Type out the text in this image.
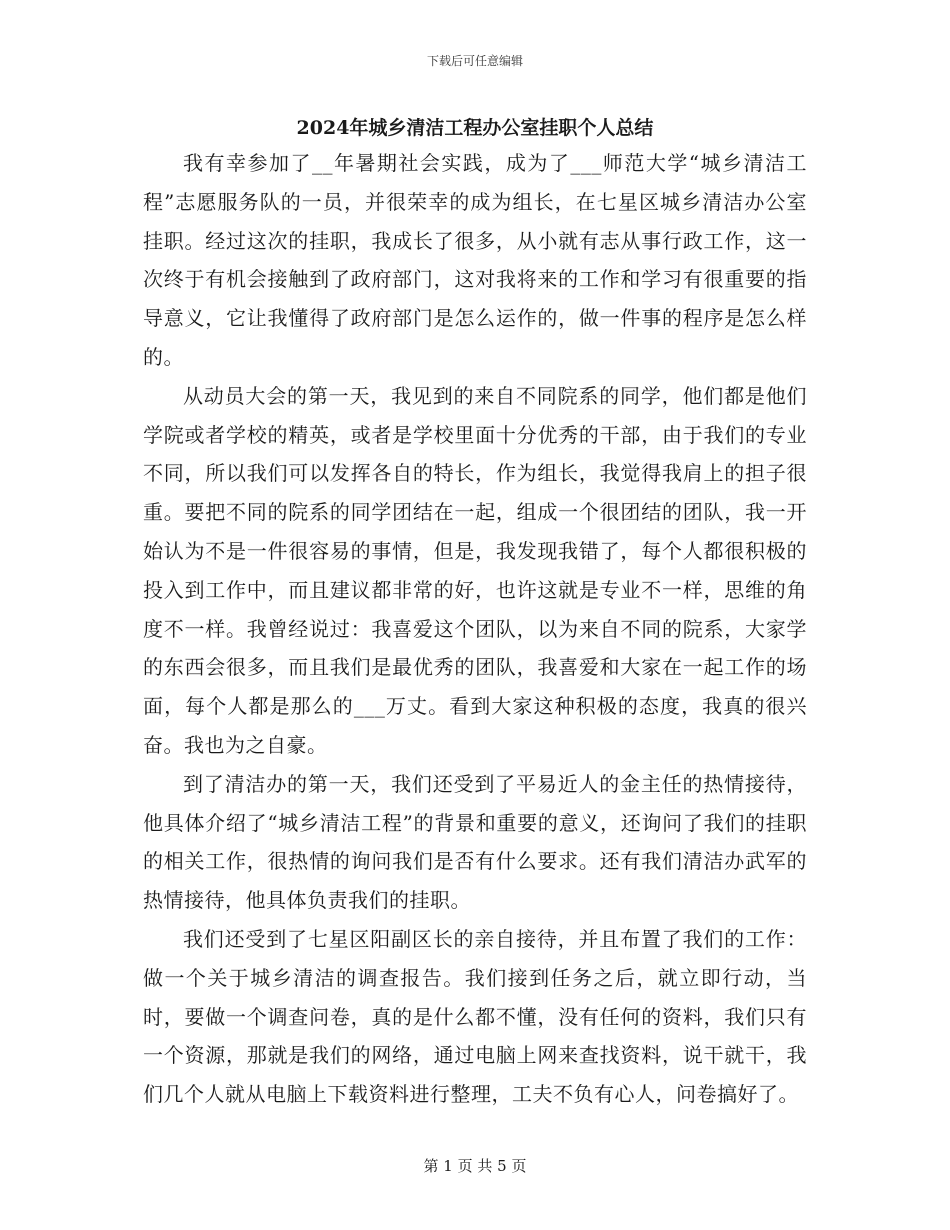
下载后可任意编辑
2024年城乡清洁工程办公室挂职个人总结

我有幸参加了__年暑期社会实践，成为了___师范大学“城乡清洁工程”志愿服务队的一员，并很荣幸的成为组长，在七星区城乡清洁办公室挂职。经过这次的挂职，我成长了很多，从小就有志从事行政工作，这一次终于有机会接触到了政府部门，这对我将来的工作和学习有很重要的指导意义，它让我懂得了政府部门是怎么运作的，做一件事的程序是怎么样的。

从动员大会的第一天，我见到的来自不同院系的同学，他们都是他们学院或者学校的精英，或者是学校里面十分优秀的干部，由于我们的专业不同，所以我们可以发挥各自的特长，作为组长，我觉得我肩上的担子很重。要把不同的院系的同学团结在一起，组成一个很团结的团队，我一开始认为不是一件很容易的事情，但是，我发现我错了，每个人都很积极的投入到工作中，而且建议都非常的好，也许这就是专业不一样，思维的角度不一样。我曾经说过：我喜爱这个团队，以为来自不同的院系，大家学的东西会很多，而且我们是最优秀的团队，我喜爱和大家在一起工作的场面，每个人都是那么的___万丈。看到大家这种积极的态度，我真的很兴奋。我也为之自豪。

到了清洁办的第一天，我们还受到了平易近人的金主任的热情接待，他具体介绍了“城乡清洁工程”的背景和重要的意义，还询问了我们的挂职的相关工作，很热情的询问我们是否有什么要求。还有我们清洁办武军的热情接待，他具体负责我们的挂职。

我们还受到了七星区阳副区长的亲自接待，并且布置了我们的工作：做一个关于城乡清洁的调查报告。我们接到任务之后，就立即行动，当时，要做一个调查问卷，真的是什么都不懂，没有任何的资料，我们只有一个资源，那就是我们的网络，通过电脑上网来查找资料，说干就干，我们几个人就从电脑上下载资料进行整理，工夫不负有心人，问卷搞好了。

第 1 页 共 5 页
